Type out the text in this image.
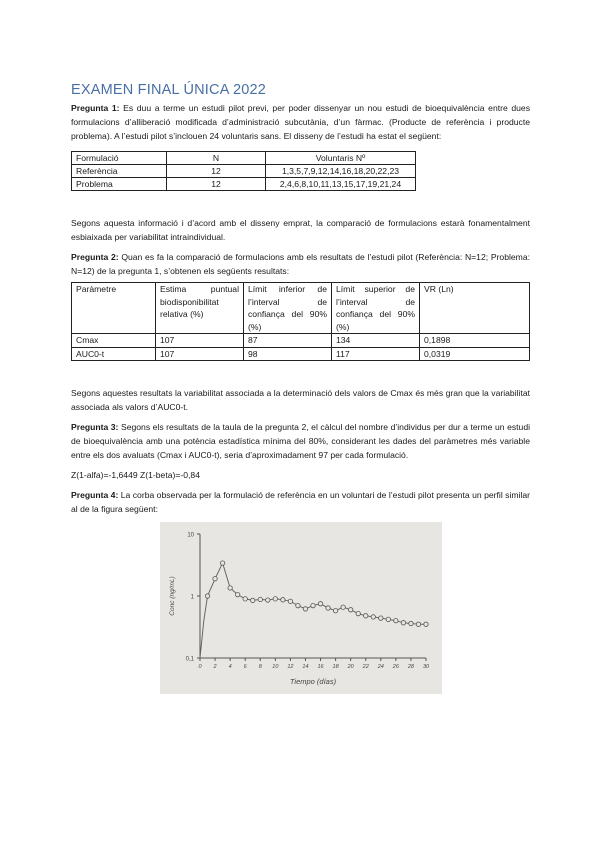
EXAMEN FINAL ÚNICA 2022

Pregunta 1: Es duu a terme un estudi pilot previ, per poder dissenyar un nou estudi de bioequivalència entre dues formulacions d’alliberació modificada d’administració subcutània, d’un fàrmac. (Producte de referència i producte problema). A l’estudi pilot s’inclouen 24 voluntaris sans. El disseny de l’estudi ha estat el següent:

Formulació	N	Voluntaris Nº
Referència	12	1,3,5,7,9,12,14,16,18,20,22,23
Problema	12	2,4,6,8,10,11,13,15,17,19,21,24

Segons aquesta informació i d’acord amb el disseny emprat, la comparació de formulacions estarà fonamentalment esbiaixada per variabilitat intraindividual.

Pregunta 2: Quan es fa la comparació de formulacions amb els resultats de l’estudi pilot (Referència: N=12; Problema: N=12) de la pregunta 1, s’obtenen els següents resultats:

Paràmetre	Estima puntual biodisponibilitat relativa (%)	Límit inferior de l’interval de confiança del 90% (%)	Límit superior de l’interval de confiança del 90% (%)	VR (Ln)
Cmax	107	87	134	0,1898
AUC0-t	107	98	117	0,0319

Segons aquestes resultats la variabilitat associada a la determinació dels valors de Cmax és més gran que la variabilitat associada als valors d’AUC0-t.

Pregunta 3: Segons els resultats de la taula de la pregunta 2, el càlcul del nombre d’individus per dur a terme un estudi de bioequivalència amb una potència estadística mínima del 80%, considerant les dades del paràmetres més variable entre els dos avaluats (Cmax i AUC0-t), seria d’aproximadament 97 per cada formulació.

Z(1-alfa)=-1,6449 Z(1-beta)=-0,84

Pregunta 4: La corba observada per la formulació de referència en un voluntari de l’estudi pilot presenta un perfil similar al de la figura següent:

10
1
0,1
0 2 4 6 8 10 12 14 16 18 20 22 24 26 28 30
Conc (ng/mL)
Tiempo (días)
